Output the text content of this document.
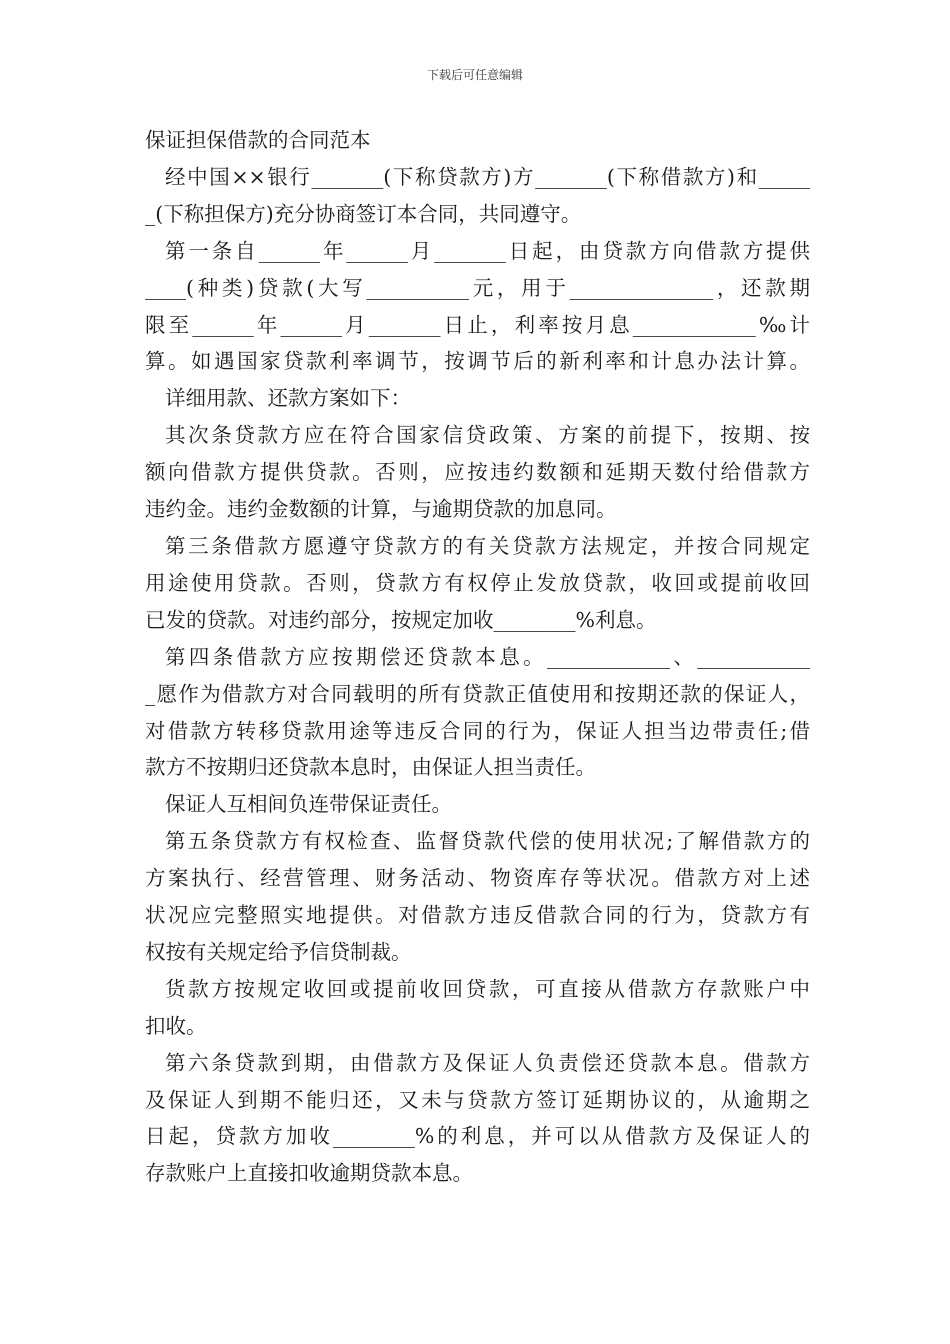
下载后可任意编辑
保证担保借款的合同范本
经中国××银行_______(下称贷款方)方_______(下称借款方)和_____
_(下称担保方)充分协商签订本合同，共同遵守。
第一条自______年______月_______日起，由贷款方向借款方提供
____(种类)贷款(大写__________元，用于______________，还款期
限至______年______月_______日止，利率按月息____________‰计
算。如遇国家贷款利率调节，按调节后的新利率和计息办法计算。
详细用款、还款方案如下：
其次条贷款方应在符合国家信贷政策、方案的前提下，按期、按
额向借款方提供贷款。否则，应按违约数额和延期天数付给借款方
违约金。违约金数额的计算，与逾期贷款的加息同。
第三条借款方愿遵守贷款方的有关贷款方法规定，并按合同规定
用途使用贷款。否则，贷款方有权停止发放贷款，收回或提前收回
已发的贷款。对违约部分，按规定加收________%利息。
第四条借款方应按期偿还贷款本息。____________、___________
_愿作为借款方对合同载明的所有贷款正值使用和按期还款的保证人，
对借款方转移贷款用途等违反合同的行为，保证人担当边带责任;借
款方不按期归还贷款本息时，由保证人担当责任。
保证人互相间负连带保证责任。
第五条贷款方有权检查、监督贷款代偿的使用状况;了解借款方的
方案执行、经营管理、财务活动、物资库存等状况。借款方对上述
状况应完整照实地提供。对借款方违反借款合同的行为，贷款方有
权按有关规定给予信贷制裁。
货款方按规定收回或提前收回贷款，可直接从借款方存款账户中
扣收。
第六条贷款到期，由借款方及保证人负责偿还贷款本息。借款方
及保证人到期不能归还，又未与贷款方签订延期协议的，从逾期之
日起，贷款方加收________%的利息，并可以从借款方及保证人的
存款账户上直接扣收逾期贷款本息。
